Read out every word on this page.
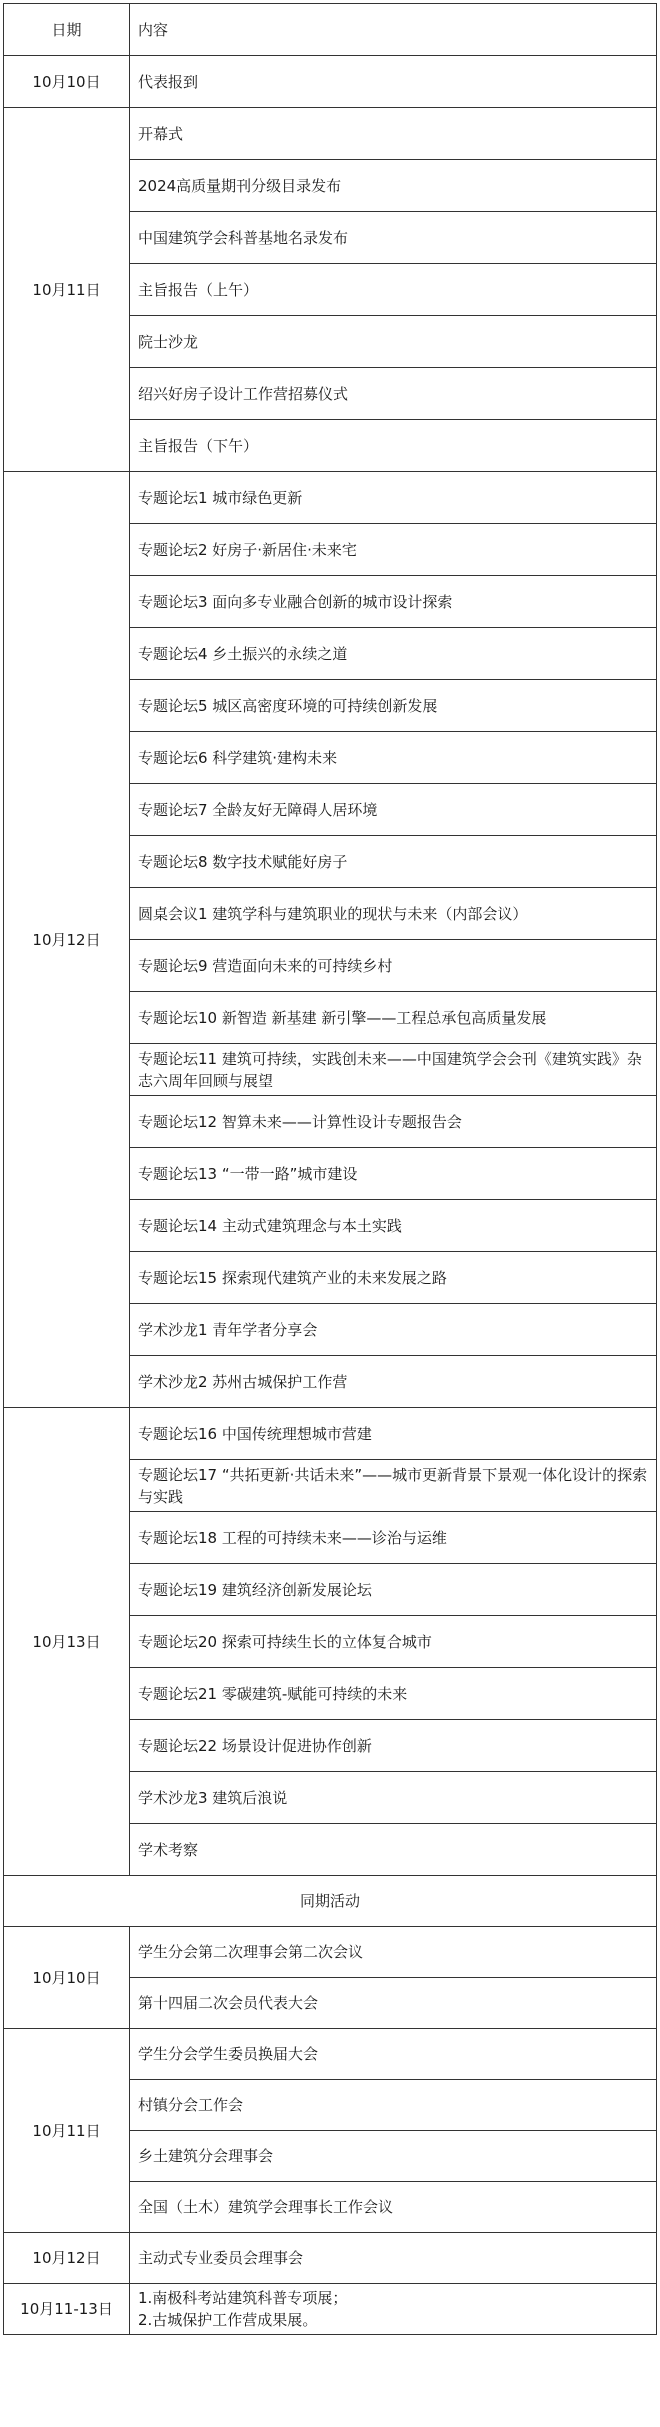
日期	内容
10月10日	代表报到
10月11日	开幕式
	2024高质量期刊分级目录发布
	中国建筑学会科普基地名录发布
	主旨报告（上午）
	院士沙龙
	绍兴好房子设计工作营招募仪式
	主旨报告（下午）
10月12日	专题论坛1 城市绿色更新
	专题论坛2 好房子·新居住·未来宅
	专题论坛3 面向多专业融合创新的城市设计探索
	专题论坛4 乡土振兴的永续之道
	专题论坛5 城区高密度环境的可持续创新发展
	专题论坛6 科学建筑·建构未来
	专题论坛7 全龄友好无障碍人居环境
	专题论坛8 数字技术赋能好房子
	圆桌会议1 建筑学科与建筑职业的现状与未来（内部会议）
	专题论坛9 营造面向未来的可持续乡村
	专题论坛10 新智造 新基建 新引擎——工程总承包高质量发展
	专题论坛11 建筑可持续，实践创未来——中国建筑学会会刊《建筑实践》杂志六周年回顾与展望
	专题论坛12 智算未来——计算性设计专题报告会
	专题论坛13 “一带一路”城市建设
	专题论坛14 主动式建筑理念与本土实践
	专题论坛15 探索现代建筑产业的未来发展之路
	学术沙龙1 青年学者分享会
	学术沙龙2 苏州古城保护工作营
10月13日	专题论坛16 中国传统理想城市营建
	专题论坛17 “共拓更新·共话未来”——城市更新背景下景观一体化设计的探索与实践
	专题论坛18 工程的可持续未来——诊治与运维
	专题论坛19 建筑经济创新发展论坛
	专题论坛20 探索可持续生长的立体复合城市
	专题论坛21 零碳建筑-赋能可持续的未来
	专题论坛22 场景设计促进协作创新
	学术沙龙3 建筑后浪说
	学术考察
同期活动	
10月10日	学生分会第二次理事会第二次会议
	第十四届二次会员代表大会
10月11日	学生分会学生委员换届大会
	村镇分会工作会
	乡土建筑分会理事会
	全国（土木）建筑学会理事长工作会议
10月12日	主动式专业委员会理事会
10月11-13日	1.南极科考站建筑科普专项展；
2.古城保护工作营成果展。
